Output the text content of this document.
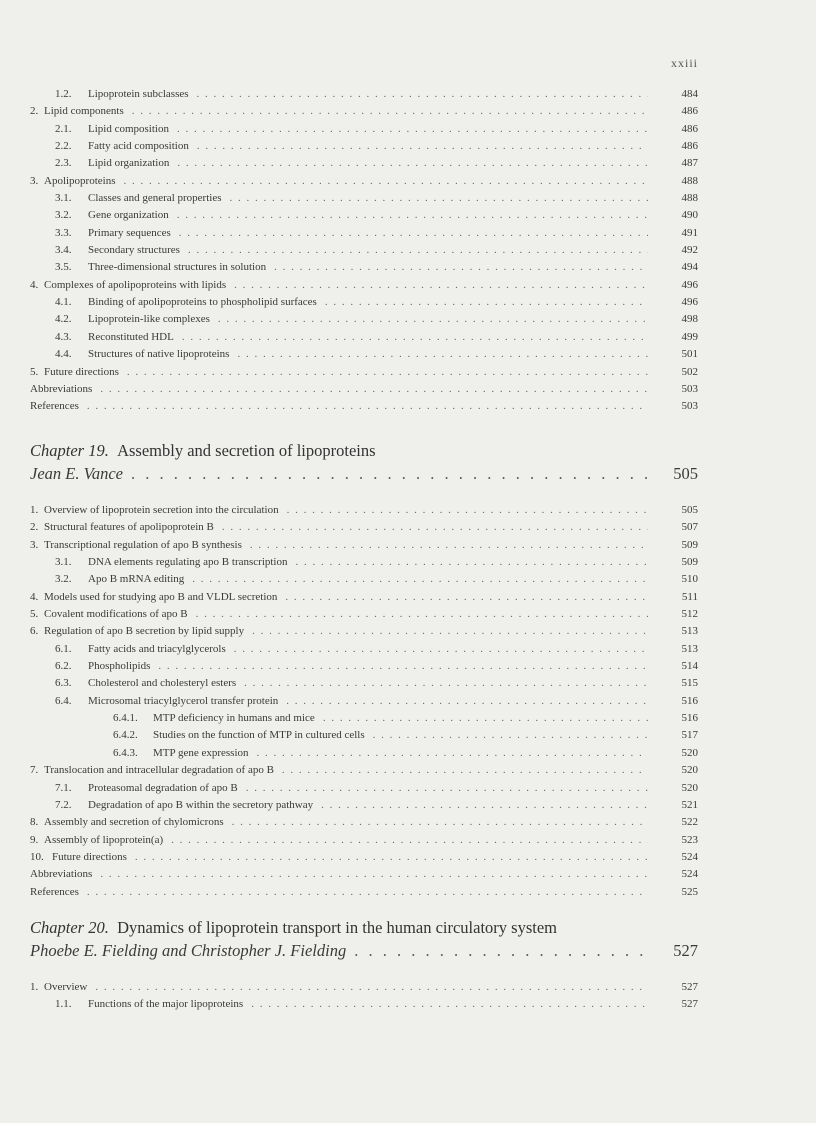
xxiii
1.2. Lipoprotein subclasses . . .	484
2. Lipid components . . .	486
2.1. Lipid composition . . .	486
2.2. Fatty acid composition . . .	486
2.3. Lipid organization . . .	487
3. Apolipoproteins . . .	488
3.1. Classes and general properties . . .	488
3.2. Gene organization . . .	490
3.3. Primary sequences . . .	491
3.4. Secondary structures . . .	492
3.5. Three-dimensional structures in solution . . .	494
4. Complexes of apolipoproteins with lipids . . .	496
4.1. Binding of apolipoproteins to phospholipid surfaces . . .	496
4.2. Lipoprotein-like complexes . . .	498
4.3. Reconstituted HDL . . .	499
4.4. Structures of native lipoproteins . . .	501
5. Future directions . . .	502
Abbreviations . . .	503
References . . .	503
Chapter 19. Assembly and secretion of lipoproteins
Jean E. Vance . . .	505
1. Overview of lipoprotein secretion into the circulation . . .	505
2. Structural features of apolipoprotein B . . .	507
3. Transcriptional regulation of apo B synthesis . . .	509
3.1. DNA elements regulating apo B transcription . . .	509
3.2. Apo B mRNA editing . . .	510
4. Models used for studying apo B and VLDL secretion . . .	511
5. Covalent modifications of apo B . . .	512
6. Regulation of apo B secretion by lipid supply . . .	513
6.1. Fatty acids and triacylglycerols . . .	513
6.2. Phospholipids . . .	514
6.3. Cholesterol and cholesteryl esters . . .	515
6.4. Microsomal triacylglycerol transfer protein . . .	516
6.4.1. MTP deficiency in humans and mice . . .	516
6.4.2. Studies on the function of MTP in cultured cells . . .	517
6.4.3. MTP gene expression . . .	520
7. Translocation and intracellular degradation of apo B . . .	520
7.1. Proteasomal degradation of apo B . . .	520
7.2. Degradation of apo B within the secretory pathway . . .	521
8. Assembly and secretion of chylomicrons . . .	522
9. Assembly of lipoprotein(a) . . .	523
10. Future directions . . .	524
Abbreviations . . .	524
References . . .	525
Chapter 20. Dynamics of lipoprotein transport in the human circulatory system
Phoebe E. Fielding and Christopher J. Fielding . . .	527
1. Overview . . .	527
1.1. Functions of the major lipoproteins . . .	527
